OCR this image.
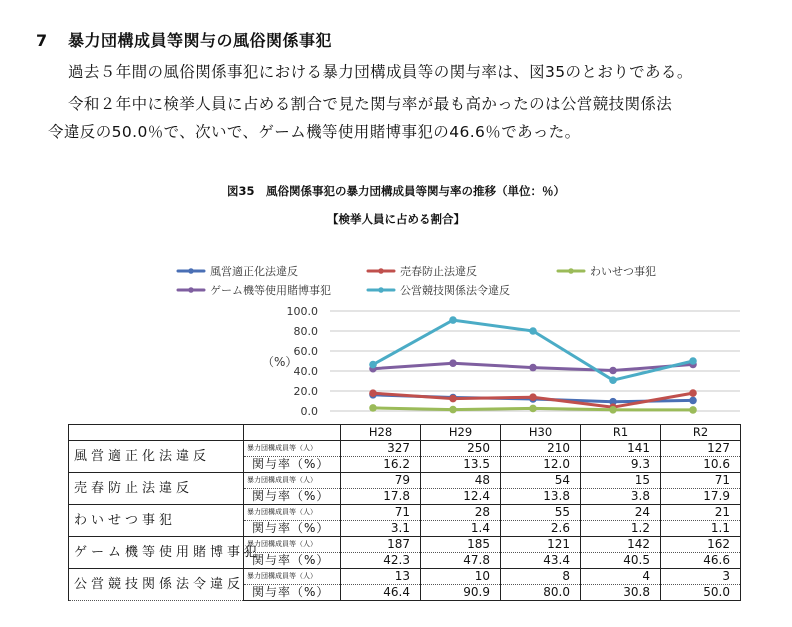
7 暴力団構成員等関与の風俗関係事犯
過去５年間の風俗関係事犯における暴力団構成員等の関与率は、図35のとおりである。
令和２年中に検挙人員に占める割合で見た関与率が最も高かったのは公営競技関係法
令違反の50.0％で、次いで、ゲーム機等使用賭博事犯の46.6％であった。
図35　風俗関係事犯の暴力団構成員等関与率の推移（単位：％）
【検挙人員に占める割合】
0.0
20.0
40.0
60.0
80.0
100.0
（%）
風営適正化法違反	売春防止法違反	わいせつ事犯
ゲーム機等使用賭博事犯	公営競技関係法令違反
		H28	H29	H30	R1	R2
風営適正化法違反	暴力団構成員等（人）	327	250	210	141	127
	関与率（%）	16.2	13.5	12.0	9.3	10.6
売春防止法違反	暴力団構成員等（人）	79	48	54	15	71
	関与率（%）	17.8	12.4	13.8	3.8	17.9
わいせつ事犯	暴力団構成員等（人）	71	28	55	24	21
	関与率（%）	3.1	1.4	2.6	1.2	1.1
ゲーム機等使用賭博事犯	暴力団構成員等（人）	187	185	121	142	162
	関与率（%）	42.3	47.8	43.4	40.5	46.6
公営競技関係法令違反	暴力団構成員等（人）	13	10	8	4	3
	関与率（%）	46.4	90.9	80.0	30.8	50.0
